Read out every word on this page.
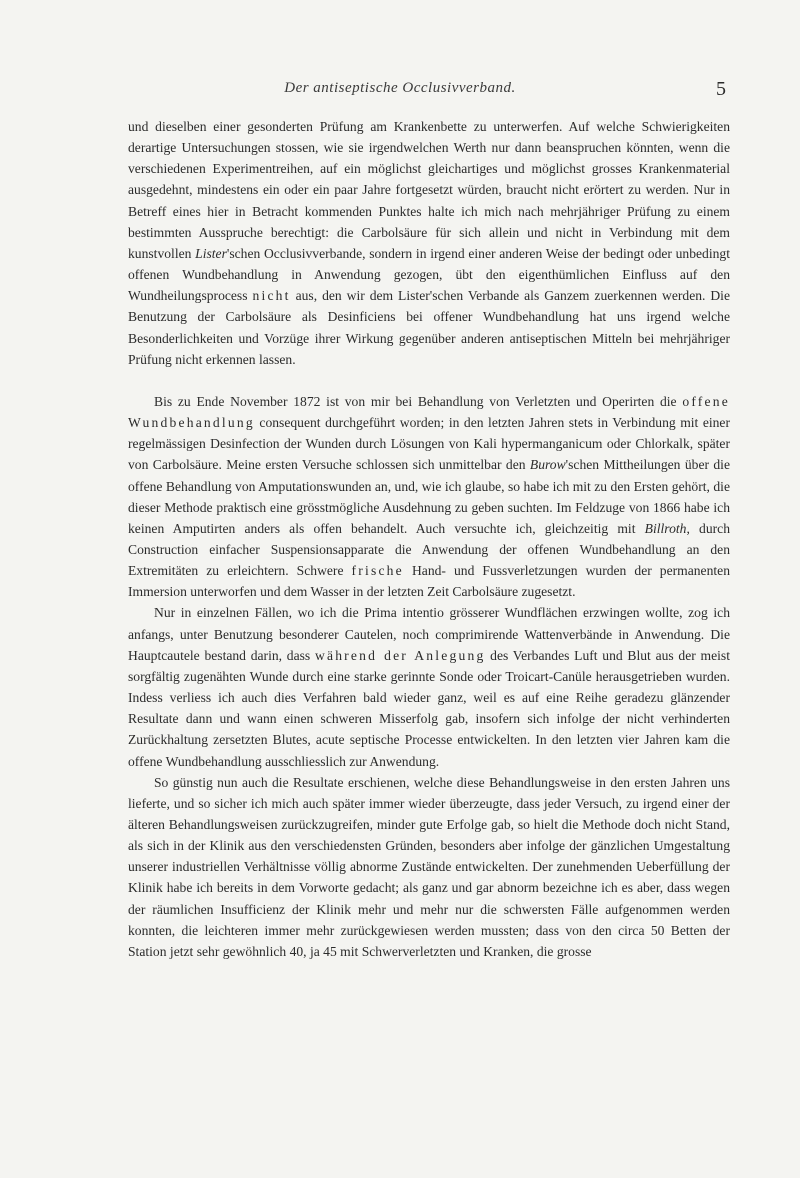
Der antiseptische Occlusivverband.	5

und dieselben einer gesonderten Prüfung am Krankenbette zu unterwerfen. Auf welche Schwierigkeiten derartige Untersuchungen stossen, wie sie irgendwelchen Werth nur dann beanspruchen könnten, wenn die verschiedenen Experimentreihen, auf ein möglichst gleichartiges und möglichst grosses Krankenmaterial ausgedehnt, mindestens ein oder ein paar Jahre fortgesetzt würden, braucht nicht erörtert zu werden. Nur in Betreff eines hier in Betracht kommenden Punktes halte ich mich nach mehrjähriger Prüfung zu einem bestimmten Ausspruche berechtigt: die Carbolsäure für sich allein und nicht in Verbindung mit dem kunstvollen Lister'schen Occlusivverbande, sondern in irgend einer anderen Weise der bedingt oder unbedingt offenen Wundbehandlung in Anwendung gezogen, übt den eigenthümlichen Einfluss auf den Wundheilungsprocess nicht aus, den wir dem Lister'schen Verbande als Ganzem zuerkennen werden. Die Benutzung der Carbolsäure als Desinficiens bei offener Wundbehandlung hat uns irgend welche Besonderlichkeiten und Vorzüge ihrer Wirkung gegenüber anderen antiseptischen Mitteln bei mehrjähriger Prüfung nicht erkennen lassen.

Bis zu Ende November 1872 ist von mir bei Behandlung von Verletzten und Operirten die offene Wundbehandlung consequent durchgeführt worden; in den letzten Jahren stets in Verbindung mit einer regelmässigen Desinfection der Wunden durch Lösungen von Kali hypermanganicum oder Chlorkalk, später von Carbolsäure. Meine ersten Versuche schlossen sich unmittelbar den Burow'schen Mittheilungen über die offene Behandlung von Amputationswunden an, und, wie ich glaube, so habe ich mit zu den Ersten gehört, die dieser Methode praktisch eine grösstmögliche Ausdehnung zu geben suchten. Im Feldzuge von 1866 habe ich keinen Amputirten anders als offen behandelt. Auch versuchte ich, gleichzeitig mit Billroth, durch Construction einfacher Suspensionsapparate die Anwendung der offenen Wundbehandlung an den Extremitäten zu erleichtern. Schwere frische Hand- und Fussverletzungen wurden der permanenten Immersion unterworfen und dem Wasser in der letzten Zeit Carbolsäure zugesetzt.

Nur in einzelnen Fällen, wo ich die Prima intentio grösserer Wundflächen erzwingen wollte, zog ich anfangs, unter Benutzung besonderer Cautelen, noch comprimirende Wattenverbände in Anwendung. Die Hauptcautele bestand darin, dass während der Anlegung des Verbandes Luft und Blut aus der meist sorgfältig zugenähten Wunde durch eine starke gerinnte Sonde oder Troicart-Canüle herausgetrieben wurden. Indess verliess ich auch dies Verfahren bald wieder ganz, weil es auf eine Reihe geradezu glänzender Resultate dann und wann einen schweren Misserfolg gab, insofern sich infolge der nicht verhinderten Zurückhaltung zersetzten Blutes, acute septische Processe entwickelten. In den letzten vier Jahren kam die offene Wundbehandlung ausschliesslich zur Anwendung.

So günstig nun auch die Resultate erschienen, welche diese Behandlungsweise in den ersten Jahren uns lieferte, und so sicher ich mich auch später immer wieder überzeugte, dass jeder Versuch, zu irgend einer der älteren Behandlungsweisen zurückzugreifen, minder gute Erfolge gab, so hielt die Methode doch nicht Stand, als sich in der Klinik aus den verschiedensten Gründen, besonders aber infolge der gänzlichen Umgestaltung unserer industriellen Verhältnisse völlig abnorme Zustände entwickelten. Der zunehmenden Ueberfüllung der Klinik habe ich bereits in dem Vorworte gedacht; als ganz und gar abnorm bezeichne ich es aber, dass wegen der räumlichen Insufficienz der Klinik mehr und mehr nur die schwersten Fälle aufgenommen werden konnten, die leichteren immer mehr zurückgewiesen werden mussten; dass von den circa 50 Betten der Station jetzt sehr gewöhnlich 40, ja 45 mit Schwerverletzten und Kranken, die grosse
